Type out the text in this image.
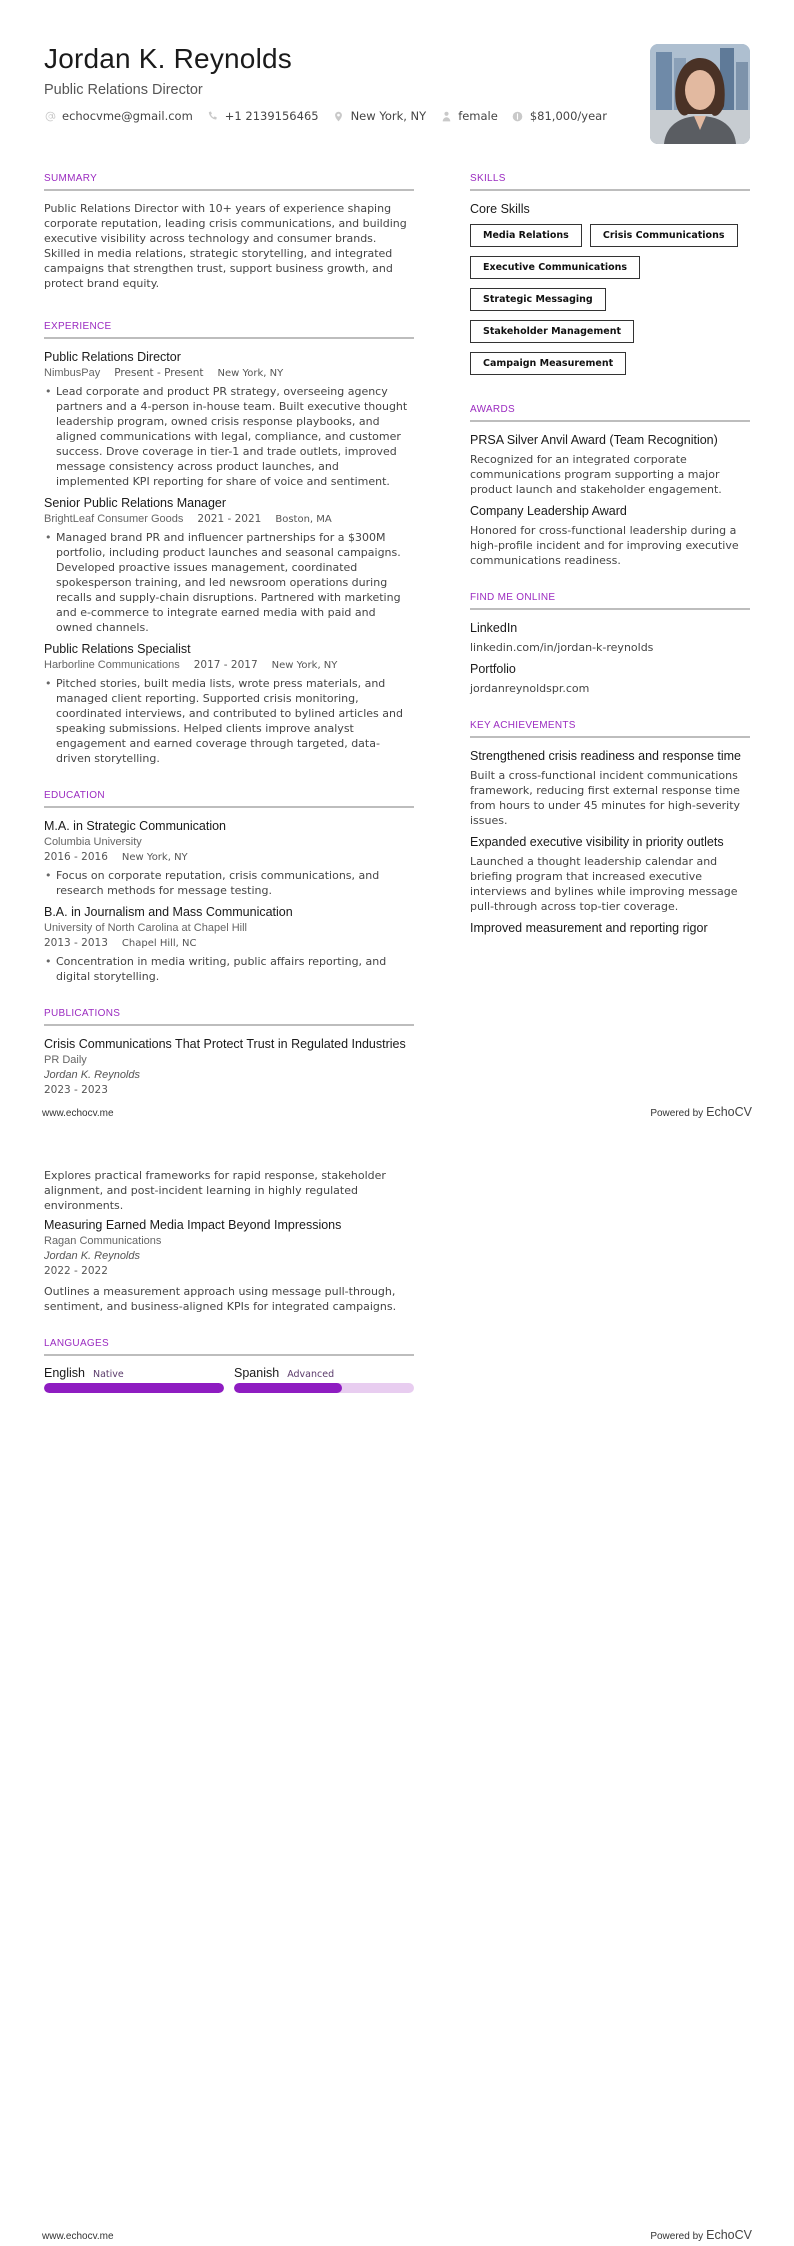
Jordan K. Reynolds
Public Relations Director
echocvme@gmail.com	+1 2139156465	New York, NY	female	$81,000/year
SUMMARY
Public Relations Director with 10+ years of experience shaping corporate reputation, leading crisis communications, and building executive visibility across technology and consumer brands. Skilled in media relations, strategic storytelling, and integrated campaigns that strengthen trust, support business growth, and protect brand equity.
EXPERIENCE
Public Relations Director
NimbusPay Present - Present New York, NY
• Lead corporate and product PR strategy, overseeing agency partners and a 4-person in-house team. Built executive thought leadership program, owned crisis response playbooks, and aligned communications with legal, compliance, and customer success. Drove coverage in tier-1 and trade outlets, improved message consistency across product launches, and implemented KPI reporting for share of voice and sentiment.
Senior Public Relations Manager
BrightLeaf Consumer Goods 2021 - 2021 Boston, MA
• Managed brand PR and influencer partnerships for a $300M portfolio, including product launches and seasonal campaigns. Developed proactive issues management, coordinated spokesperson training, and led newsroom operations during recalls and supply-chain disruptions. Partnered with marketing and e-commerce to integrate earned media with paid and owned channels.
Public Relations Specialist
Harborline Communications 2017 - 2017 New York, NY
• Pitched stories, built media lists, wrote press materials, and managed client reporting. Supported crisis monitoring, coordinated interviews, and contributed to bylined articles and speaking submissions. Helped clients improve analyst engagement and earned coverage through targeted, data-driven storytelling.
EDUCATION
M.A. in Strategic Communication
Columbia University
2016 - 2016 New York, NY
• Focus on corporate reputation, crisis communications, and research methods for message testing.
B.A. in Journalism and Mass Communication
University of North Carolina at Chapel Hill
2013 - 2013 Chapel Hill, NC
• Concentration in media writing, public affairs reporting, and digital storytelling.
PUBLICATIONS
Crisis Communications That Protect Trust in Regulated Industries
PR Daily
Jordan K. Reynolds
2023 - 2023
SKILLS
Core Skills
Media Relations	Crisis Communications
Executive Communications
Strategic Messaging
Stakeholder Management
Campaign Measurement
AWARDS
PRSA Silver Anvil Award (Team Recognition)
Recognized for an integrated corporate communications program supporting a major product launch and stakeholder engagement.
Company Leadership Award
Honored for cross-functional leadership during a high-profile incident and for improving executive communications readiness.
FIND ME ONLINE
LinkedIn
linkedin.com/in/jordan-k-reynolds
Portfolio
jordanreynoldspr.com
KEY ACHIEVEMENTS
Strengthened crisis readiness and response time
Built a cross-functional incident communications framework, reducing first external response time from hours to under 45 minutes for high-severity issues.
Expanded executive visibility in priority outlets
Launched a thought leadership calendar and briefing program that increased executive interviews and bylines while improving message pull-through across top-tier coverage.
Improved measurement and reporting rigor
www.echocv.me	Powered by EchoCV
Explores practical frameworks for rapid response, stakeholder alignment, and post-incident learning in highly regulated environments.
Measuring Earned Media Impact Beyond Impressions
Ragan Communications
Jordan K. Reynolds
2022 - 2022
Outlines a measurement approach using message pull-through, sentiment, and business-aligned KPIs for integrated campaigns.
LANGUAGES
English Native	Spanish Advanced
www.echocv.me	Powered by EchoCV
